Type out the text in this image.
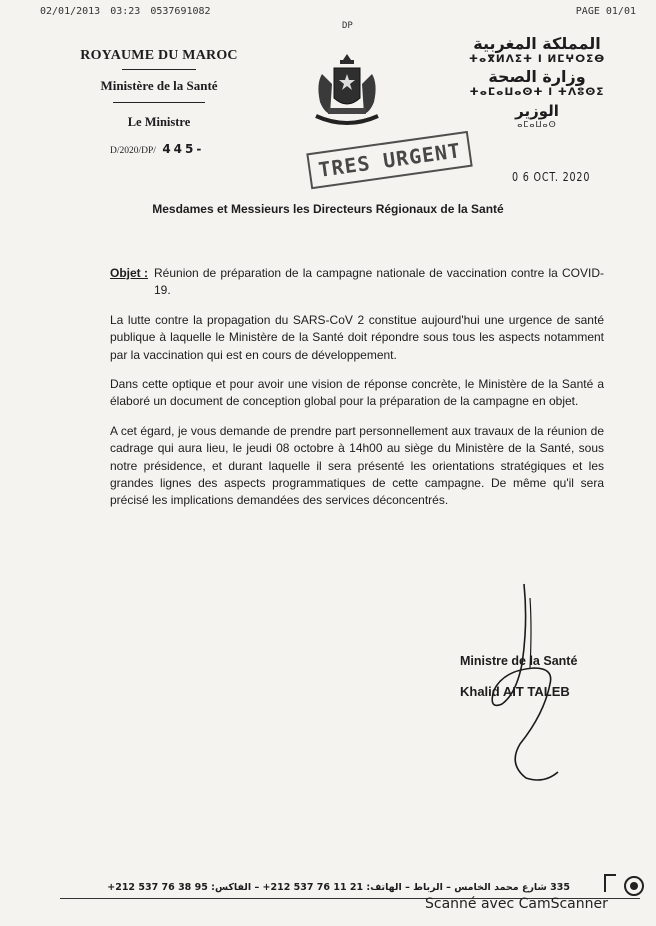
02/01/2013 03:23 0537691082	PAGE 01/01
DP
ROYAUME DU MAROC
Ministère de la Santé
Le Ministre
D/2020/DP/ 445-
المملكة المغربية
ⵜⴰⴳⵍⴷⵉⵜ ⵏ ⵍⵎⵖⵔⵉⴱ
وزارة الصحة
ⵜⴰⵎⴰⵡⴰⵙⵜ ⵏ ⵜⴷⵓⵙⵉ
الوزير
ⴰⵎⴰⵡⴰⵙ
0 6 OCT. 2020
TRES URGENT
Mesdames et Messieurs les Directeurs Régionaux de la Santé
Objet : Réunion de préparation de la campagne nationale de vaccination contre la COVID-19.

La lutte contre la propagation du SARS-CoV 2 constitue aujourd'hui une urgence de santé publique à laquelle le Ministère de la Santé doit répondre sous tous les aspects notamment par la vaccination qui est en cours de développement.

Dans cette optique et pour avoir une vision de réponse concrète, le Ministère de la Santé a élaboré un document de conception global pour la préparation de la campagne en objet.

A cet égard, je vous demande de prendre part personnellement aux travaux de la réunion de cadrage qui aura lieu, le jeudi 08 octobre à 14h00 au siège du Ministère de la Santé, sous notre présidence, et durant laquelle il sera présenté les orientations stratégiques et les grandes lignes des aspects programmatiques de cette campagne. De même qu'il sera précisé les implications demandées des services déconcentrés.

Ministre de la Santé
Khalid AIT TALEB
335 شارع محمد الخامس – الرباط – الهاتف: 21 11 76 537 212+ – الفاكس: 95 38 76 537 212+
Scanné avec CamScanner
